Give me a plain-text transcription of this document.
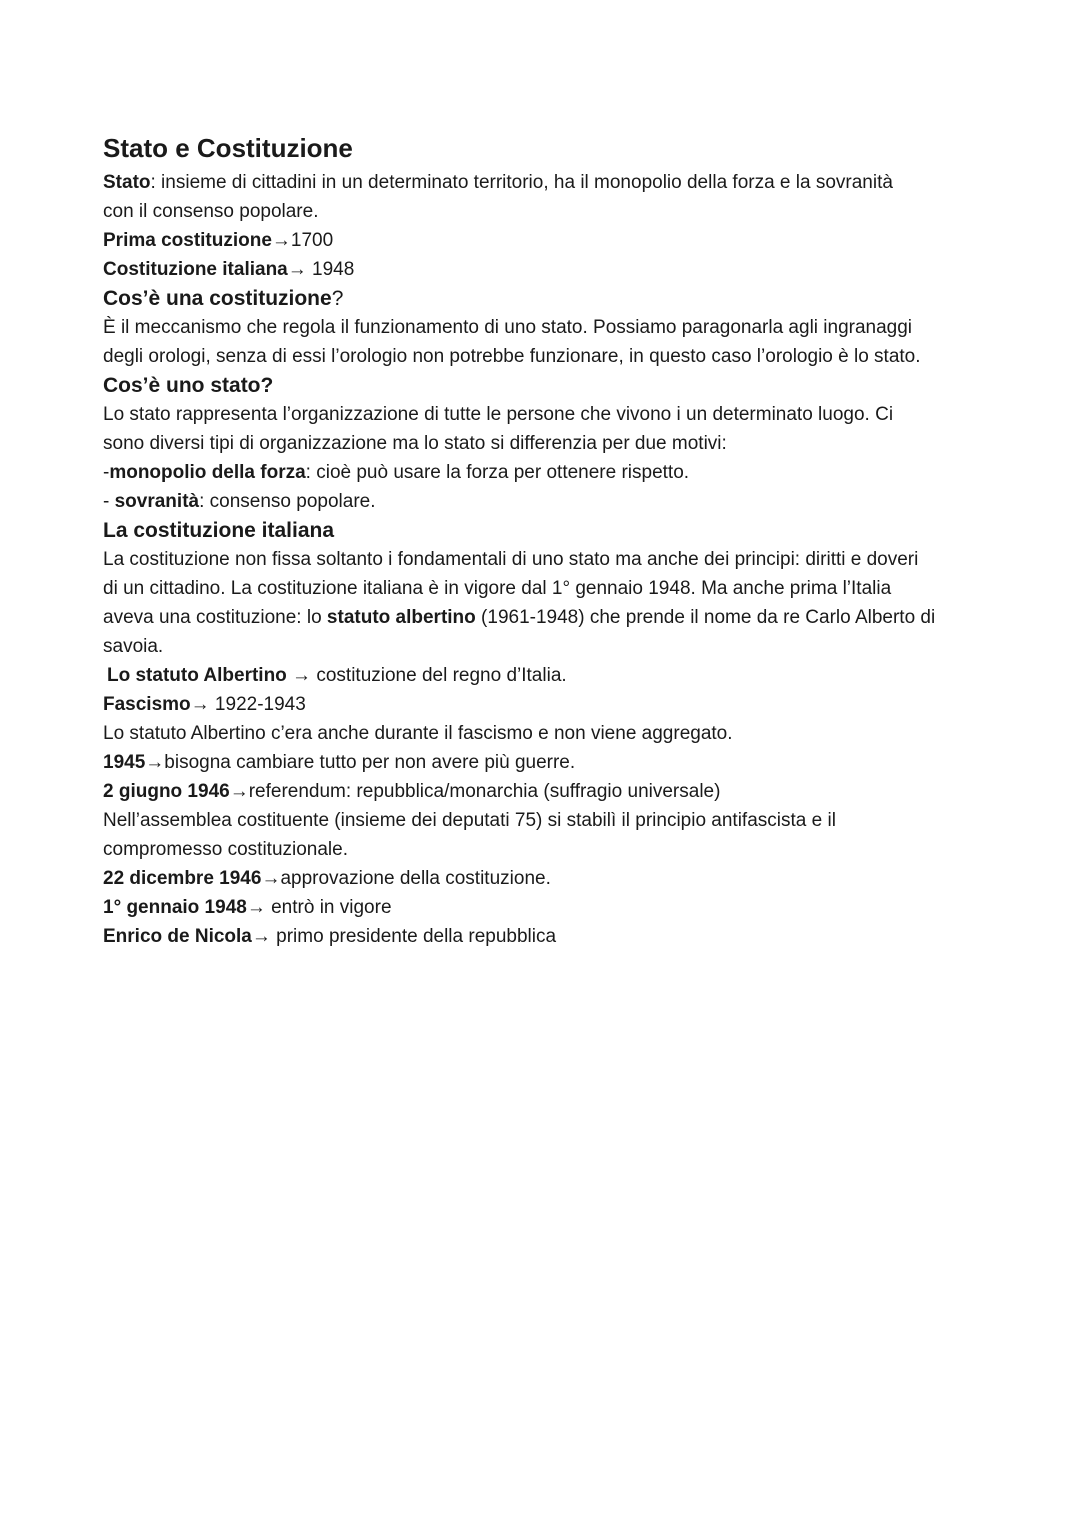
Stato e Costituzione

Stato: insieme di cittadini in un determinato territorio, ha il monopolio della forza e la sovranità

con il consenso popolare.

Prima costituzione→1700

Costituzione italiana→ 1948

Cos’è una costituzione?

È il meccanismo che regola il funzionamento di uno stato. Possiamo paragonarla agli ingranaggi

degli orologi, senza di essi l’orologio non potrebbe funzionare, in questo caso l’orologio è lo stato.

Cos’è uno stato?

Lo stato rappresenta l’organizzazione di tutte le persone che vivono i un determinato luogo. Ci

sono diversi tipi di organizzazione ma lo stato si differenzia per due motivi:

-monopolio della forza: cioè può usare la forza per ottenere rispetto.

- sovranità: consenso popolare.

La costituzione italiana

La costituzione non fissa soltanto i fondamentali di uno stato ma anche dei principi: diritti e doveri

di un cittadino. La costituzione italiana è in vigore dal 1° gennaio 1948. Ma anche prima l’Italia

aveva una costituzione: lo statuto albertino (1961-1948) che prende il nome da re Carlo Alberto di

savoia.

Lo statuto Albertino → costituzione del regno d’Italia.

Fascismo→ 1922-1943

Lo statuto Albertino c’era anche durante il fascismo e non viene aggregato.

1945→bisogna cambiare tutto per non avere più guerre.

2 giugno 1946→referendum: repubblica/monarchia (suffragio universale)

Nell’assemblea costituente (insieme dei deputati 75) si stabilì il principio antifascista e il

compromesso costituzionale.

22 dicembre 1946→approvazione della costituzione.

1° gennaio 1948→ entrò in vigore

Enrico de Nicola→ primo presidente della repubblica
